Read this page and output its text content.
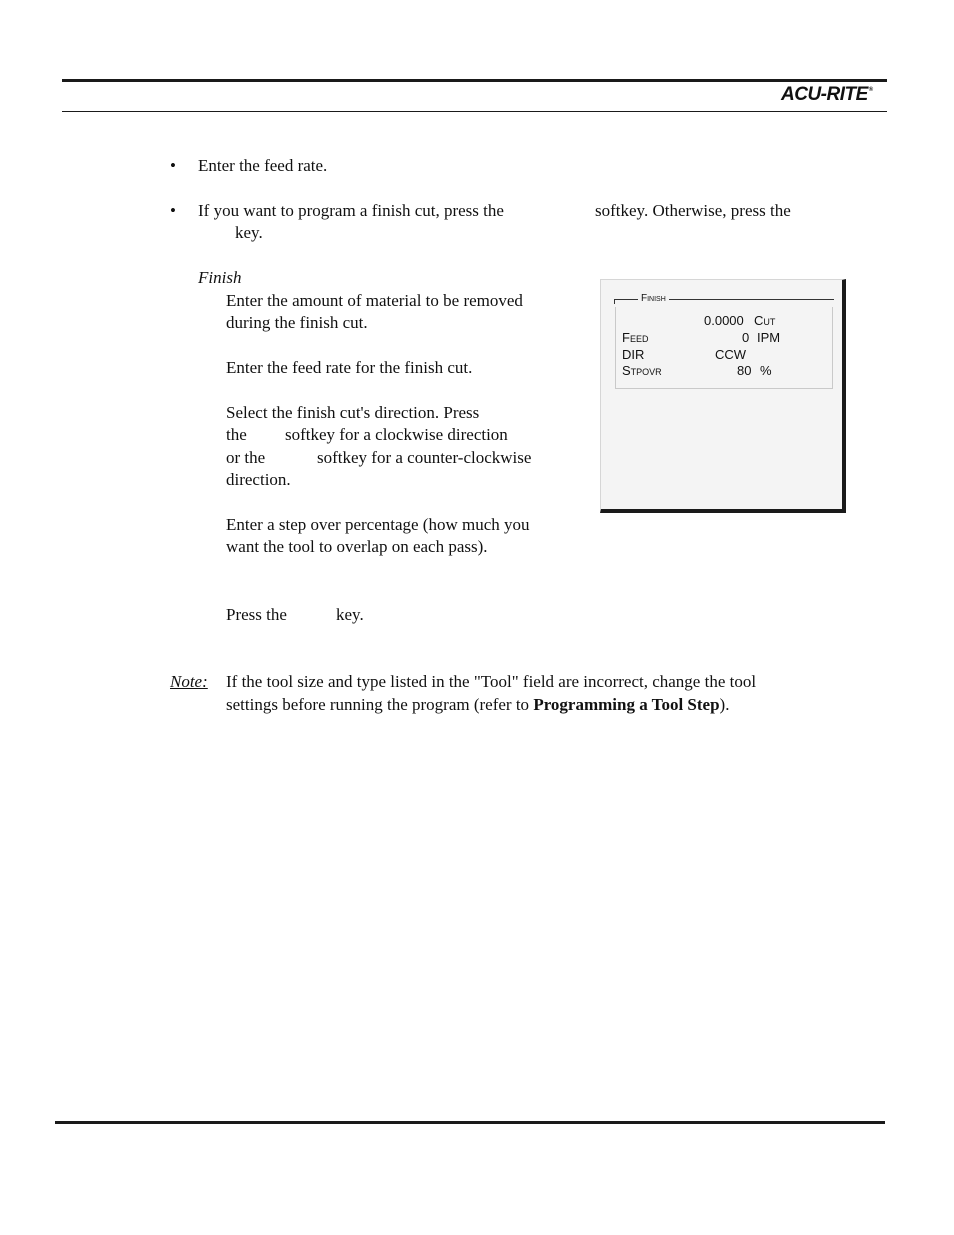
ACU-RITE®
• Enter the feed rate.
• If you want to program a finish cut, press the	softkey. Otherwise, press the
key.
Finish
Enter the amount of material to be removed
during the finish cut.
Enter the feed rate for the finish cut.
Select the finish cut's direction. Press
the softkey for a clockwise direction
or the	softkey for a counter-clockwise
direction.
Enter a step over percentage (how much you
want the tool to overlap on each pass).
Press the	key.
Note: If the tool size and type listed in the "Tool" field are incorrect, change the tool
settings before running the program (refer to Programming a Tool Step).
Finish
0.0000 Cut
Feed	0 IPM
DIR	CCW
Stpovr	80 %
